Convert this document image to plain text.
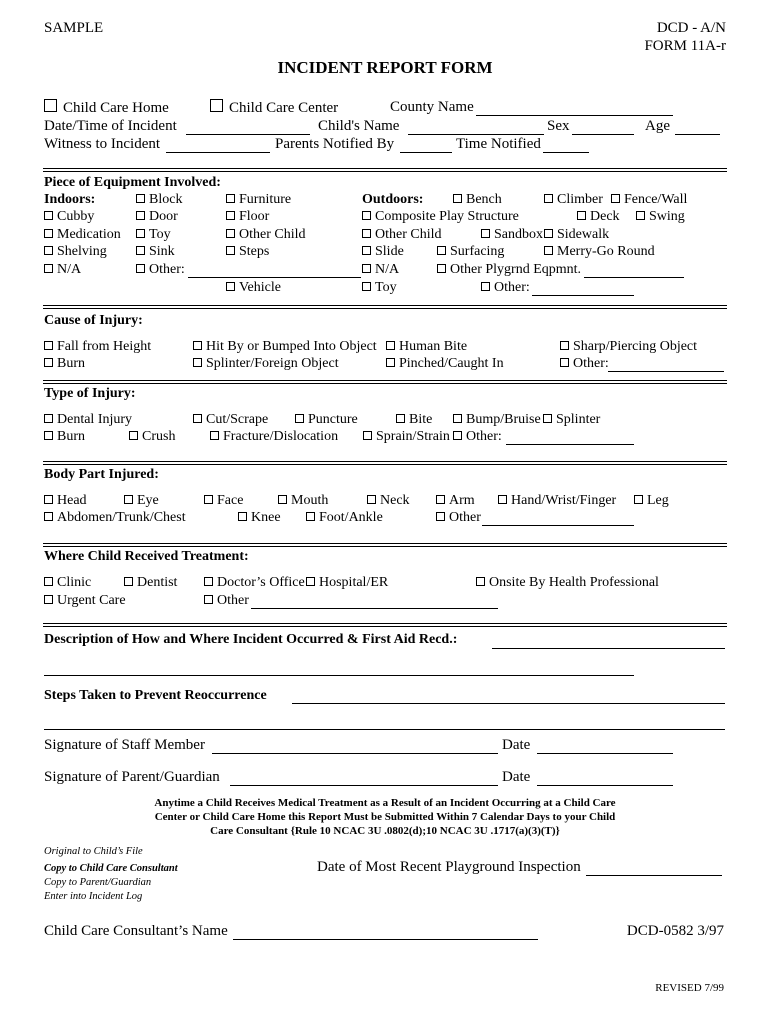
SAMPLE	DCD - A/N
FORM 11A-r
INCIDENT REPORT FORM
Child Care Home	Child Care Center	County Name
Date/Time of Incident	Child's Name	Sex	Age
Witness to Incident	Parents Notified By	Time Notified
Piece of Equipment Involved:
Indoors:	Outdoors:
Block	Furniture	Bench	Climber	Fence/Wall
Cubby	Door	Floor	Composite Play Structure	Deck	Swing
Medication	Toy	Other Child	Other Child	Sandbox	Sidewalk
Shelving	Sink	Steps	Slide	Surfacing	Merry-Go Round
N/A	Other:	N/A	Other Plygrnd Eqpmnt.
Vehicle	Toy	Other:
Cause of Injury:
Fall from Height	Hit By or Bumped Into Object	Human Bite	Sharp/Piercing Object
Burn	Splinter/Foreign Object	Pinched/Caught In	Other:
Type of Injury:
Dental Injury	Cut/Scrape	Puncture	Bite	Bump/Bruise	Splinter
Burn	Crush	Fracture/Dislocation	Sprain/Strain	Other:
Body Part Injured:
Head	Eye	Face	Mouth	Neck	Arm	Hand/Wrist/Finger	Leg
Abdomen/Trunk/Chest	Knee	Foot/Ankle	Other
Where Child Received Treatment:
Clinic	Dentist	Doctor’s Office	Hospital/ER	Onsite By Health Professional
Urgent Care	Other
Description of How and Where Incident Occurred & First Aid Recd.:
Steps Taken to Prevent Reoccurrence
Signature of Staff Member	Date
Signature of Parent/Guardian	Date
Anytime a Child Receives Medical Treatment as a Result of an Incident Occurring at a Child Care
Center or Child Care Home this Report Must be Submitted Within 7 Calendar Days to your Child
Care Consultant {Rule 10 NCAC 3U .0802(d);10 NCAC 3U .1717(a)(3)(T)}
Original to Child’s File
Copy to Child Care Consultant
Copy to Parent/Guardian
Enter into Incident Log
Date of Most Recent Playground Inspection
Child Care Consultant’s Name	DCD-0582 3/97
REVISED 7/99
